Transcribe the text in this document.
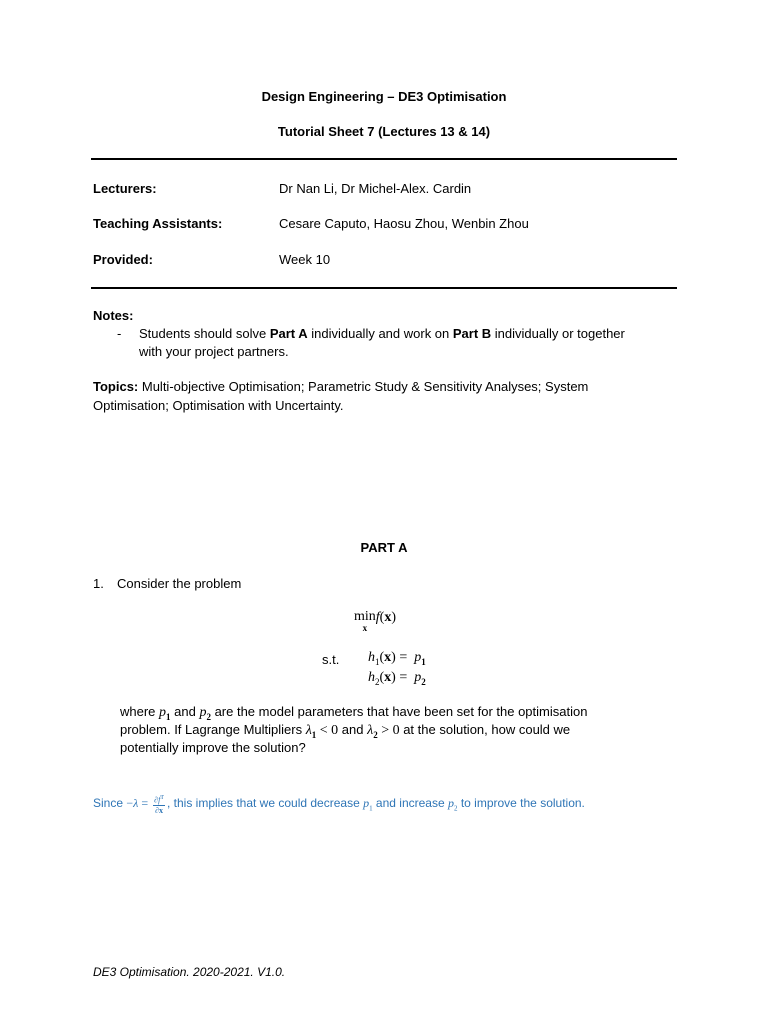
Design Engineering – DE3 Optimisation
Tutorial Sheet 7 (Lectures 13 & 14)
Lecturers:	Dr Nan Li, Dr Michel-Alex. Cardin
Teaching Assistants:	Cesare Caputo, Haosu Zhou, Wenbin Zhou
Provided:	Week 10
Notes:
- Students should solve Part A individually and work on Part B individually or together
with your project partners.
Topics: Multi-objective Optimisation; Parametric Study & Sensitivity Analyses; System
Optimisation; Optimisation with Uncertainty.
PART A
1. Consider the problem
min
x
f(x)
s.t. $h_1(x) = p_1$
$h_2(x) = p_2$
where $p_1$ and $p_2$ are the model parameters that have been set for the optimisation
problem. If Lagrange Multipliers $\lambda_1 < 0$ and $\lambda_2 > 0$ at the solution, how could we
potentially improve the solution?
Since $-\lambda = \frac{\partial f^T}{\partial x}$ , this implies that we could decrease $p_1$ and increase $p_2$ to improve the solution.
DE3 Optimisation. 2020-2021. V1.0.
